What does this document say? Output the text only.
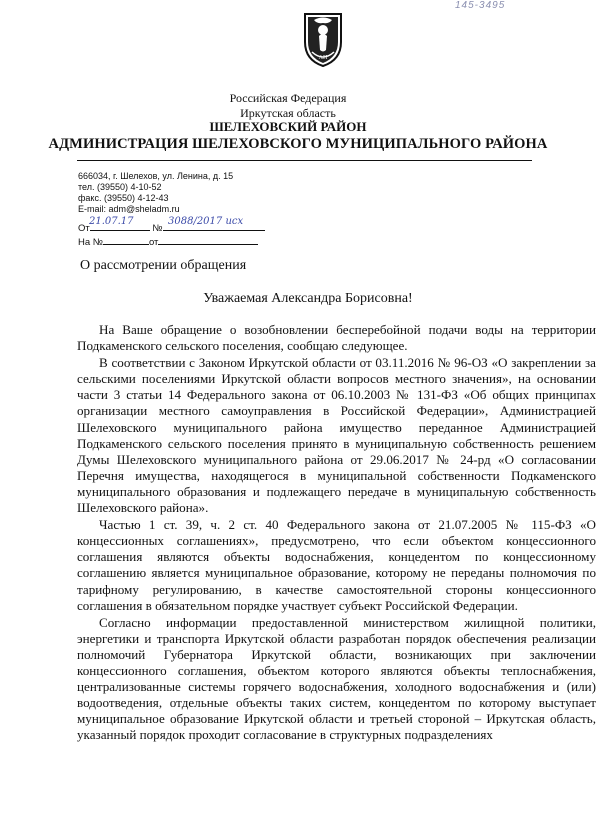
145-3495
АП
Российская Федерация
Иркутская область
ШЕЛЕХОВСКИЙ РАЙОН
АДМИНИСТРАЦИЯ ШЕЛЕХОВСКОГО МУНИЦИПАЛЬНОГО РАЙОНА
666034, г. Шелехов, ул. Ленина, д. 15
тел. (39550) 4-10-52
факс. (39550) 4-12-43
E-mail: adm@sheladm.ru
От	№
21.07.17	3088/2017 исх
На №	от
О рассмотрении обращения
Уважаемая Александра Борисовна!

На Ваше обращение о возобновлении бесперебойной подачи воды на территории Подкаменского сельского поселения, сообщаю следующее.

В соответствии с Законом Иркутской области от 03.11.2016 № 96-ОЗ «О закреплении за сельскими поселениями Иркутской области вопросов местного значения», на основании части 3 статьи 14 Федерального закона от 06.10.2003 № 131-ФЗ «Об общих принципах организации местного самоуправления в Российской Федерации», Администрацией Шелеховского муниципального района имущество переданное Администрацией Подкаменского сельского поселения принято в муниципальную собственность решением Думы Шелеховского муниципального района от 29.06.2017 № 24-рд «О согласовании Перечня имущества, находящегося в муниципальной собственности Подкаменского муниципального образования и подлежащего передаче в муниципальную собственность Шелеховского района».

Частью 1 ст. 39, ч. 2 ст. 40 Федерального закона от 21.07.2005 № 115-ФЗ «О концессионных соглашениях», предусмотрено, что если объектом концессионного соглашения являются объекты водоснабжения, концедентом по концессионному соглашению является муниципальное образование, которому не переданы полномочия по тарифному регулированию, в качестве самостоятельной стороны концессионного соглашения в обязательном порядке участвует субъект Российской Федерации.

Согласно информации предоставленной министерством жилищной политики, энергетики и транспорта Иркутской области разработан порядок обеспечения реализации полномочий Губернатора Иркутской области, возникающих при заключении концессионного соглашения, объектом которого являются объекты теплоснабжения, централизованные системы горячего водоснабжения, холодного водоснабжения и (или) водоотведения, отдельные объекты таких систем, концедентом по которому выступает муниципальное образование Иркутской области и третьей стороной – Иркутская область, указанный порядок проходит согласование в структурных подразделениях
